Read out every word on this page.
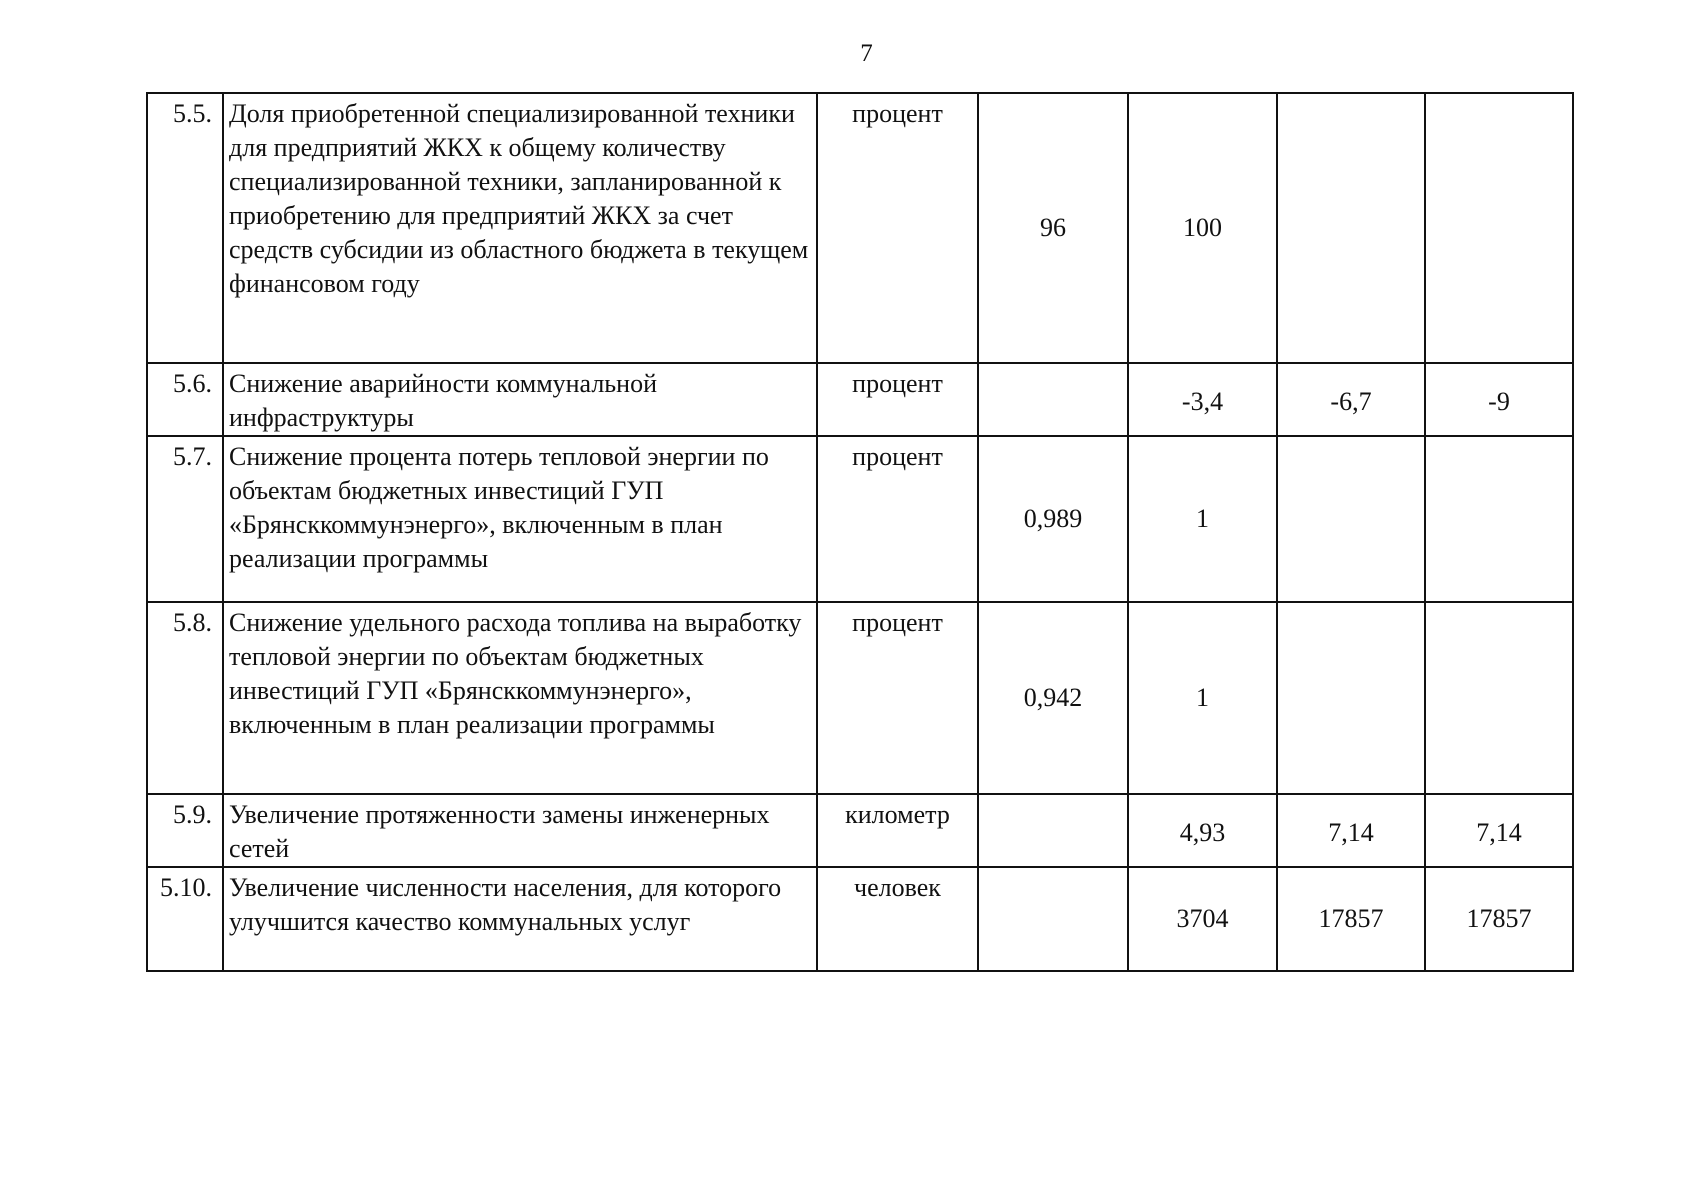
7
5.5.	Доля приобретенной специализированной техники для предприятий ЖКХ к общему количеству специализированной техники, запланированной к приобретению для предприятий ЖКХ за счет средств субсидии из областного бюджета в текущем финансовом году	процент	96	100		
5.6.	Снижение аварийности коммунальной инфраструктуры	процент		-3,4	-6,7	-9
5.7.	Снижение процента потерь тепловой энергии по объектам бюджетных инвестиций ГУП «Брянсккоммунэнерго», включенным в план реализации программы	процент	0,989	1		
5.8.	Снижение удельного расхода топлива на выработку тепловой энергии по объектам бюджетных инвестиций ГУП «Брянсккоммунэнерго», включенным в план реализации программы	процент	0,942	1		
5.9.	Увеличение протяженности замены инженерных сетей	километр		4,93	7,14	7,14
5.10.	Увеличение численности населения, для которого улучшится качество коммунальных услуг	человек		3704	17857	17857
